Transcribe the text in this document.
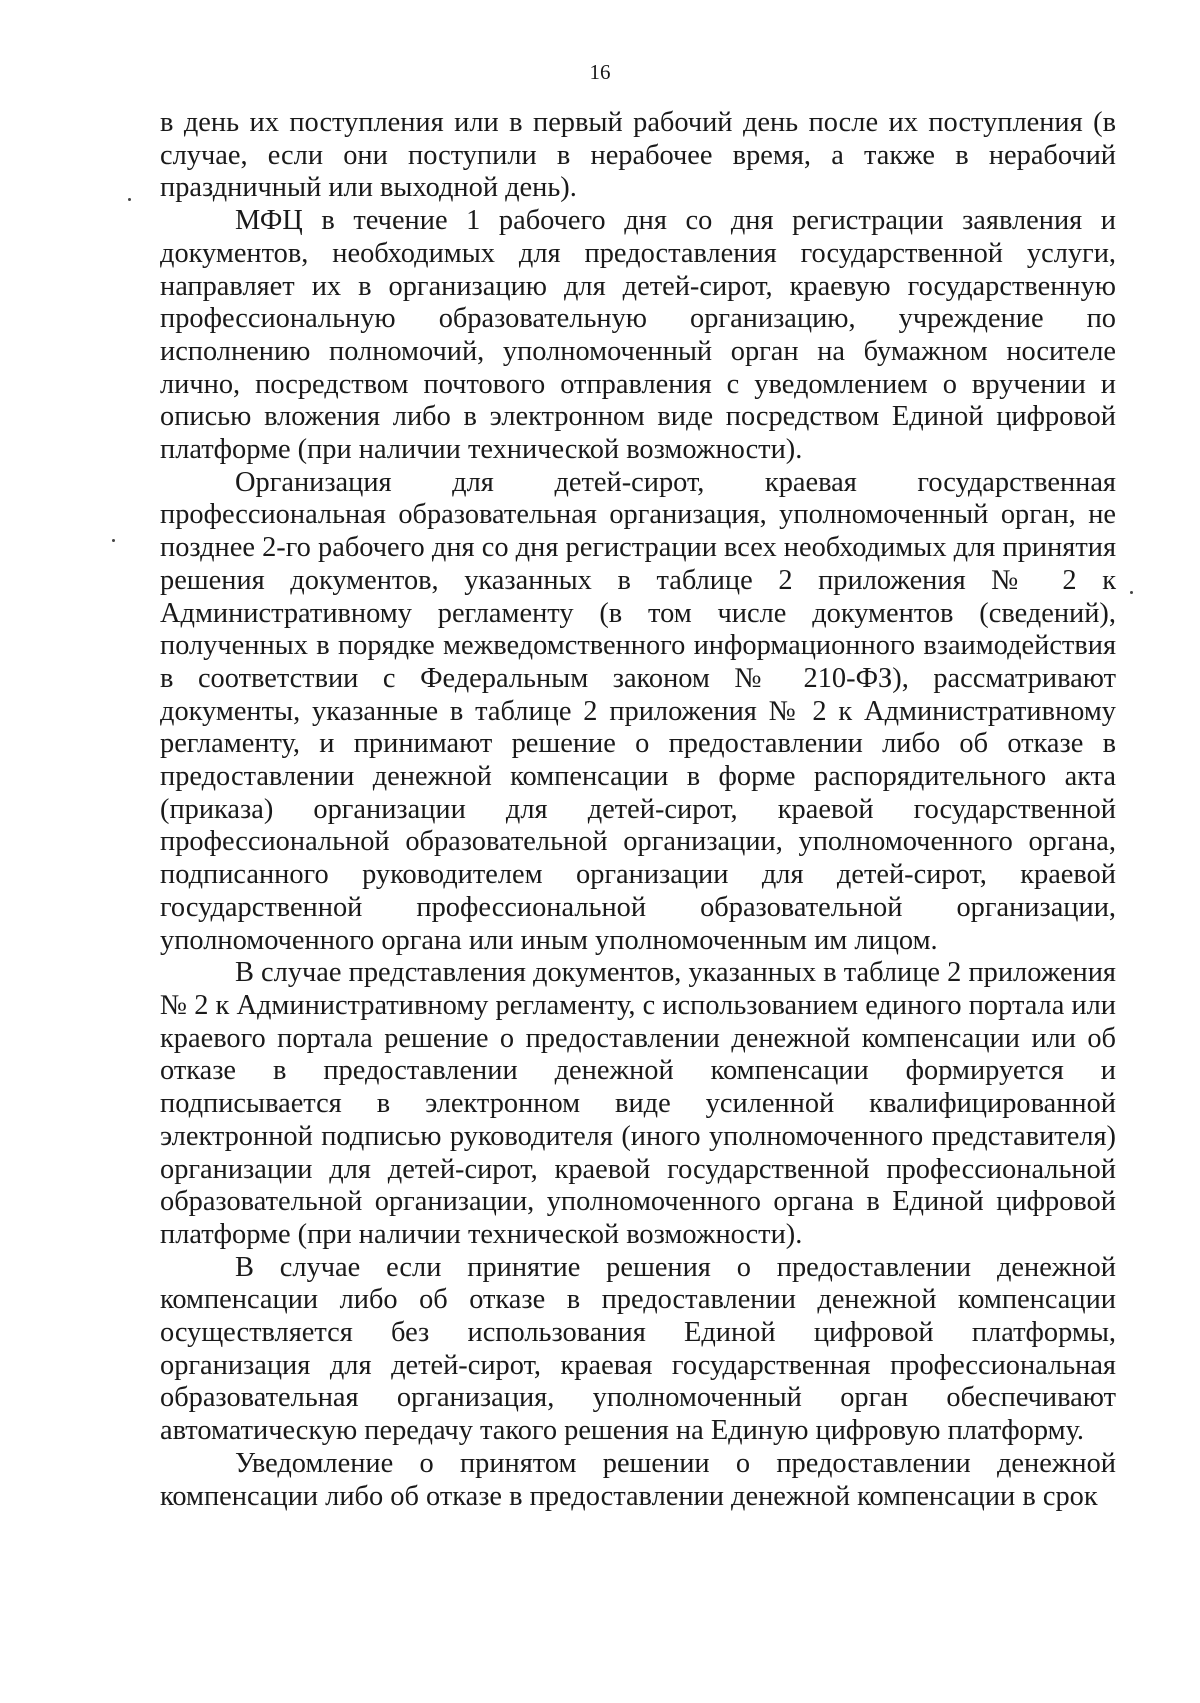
16

в день их поступления или в первый рабочий день после их поступления (в случае, если они поступили в нерабочее время, а также в нерабочий праздничный или выходной день).

МФЦ в течение 1 рабочего дня со дня регистрации заявления и документов, необходимых для предоставления государственной услуги, направляет их в организацию для детей-сирот, краевую государственную профессиональную образовательную организацию, учреждение по исполнению полномочий, уполномоченный орган на бумажном носителе лично, посредством почтового отправления с уведомлением о вручении и описью вложения либо в электронном виде посредством Единой цифровой платформе (при наличии технической возможности).

Организация для детей-сирот, краевая государственная профессиональная образовательная организация, уполномоченный орган, не позднее 2-го рабочего дня со дня регистрации всех необходимых для принятия решения документов, указанных в таблице 2 приложения № 2 к Административному регламенту (в том числе документов (сведений), полученных в порядке межведомственного информационного взаимодействия в соответствии с Федеральным законом № 210-ФЗ), рассматривают документы, указанные в таблице 2 приложения № 2 к Административному регламенту, и принимают решение о предоставлении либо об отказе в предоставлении денежной компенсации в форме распорядительного акта (приказа) организации для детей-сирот, краевой государственной профессиональной образовательной организации, уполномоченного органа, подписанного руководителем организации для детей-сирот, краевой государственной профессиональной образовательной организации, уполномоченного органа или иным уполномоченным им лицом.

В случае представления документов, указанных в таблице 2 приложения № 2 к Административному регламенту, с использованием единого портала или краевого портала решение о предоставлении денежной компенсации или об отказе в предоставлении денежной компенсации формируется и подписывается в электронном виде усиленной квалифицированной электронной подписью руководителя (иного уполномоченного представителя) организации для детей-сирот, краевой государственной профессиональной образовательной организации, уполномоченного органа в Единой цифровой платформе (при наличии технической возможности).

В случае если принятие решения о предоставлении денежной компенсации либо об отказе в предоставлении денежной компенсации осуществляется без использования Единой цифровой платформы, организация для детей-сирот, краевая государственная профессиональная образовательная организация, уполномоченный орган обеспечивают автоматическую передачу такого решения на Единую цифровую платформу.

Уведомление о принятом решении о предоставлении денежной компенсации либо об отказе в предоставлении денежной компенсации в срок
